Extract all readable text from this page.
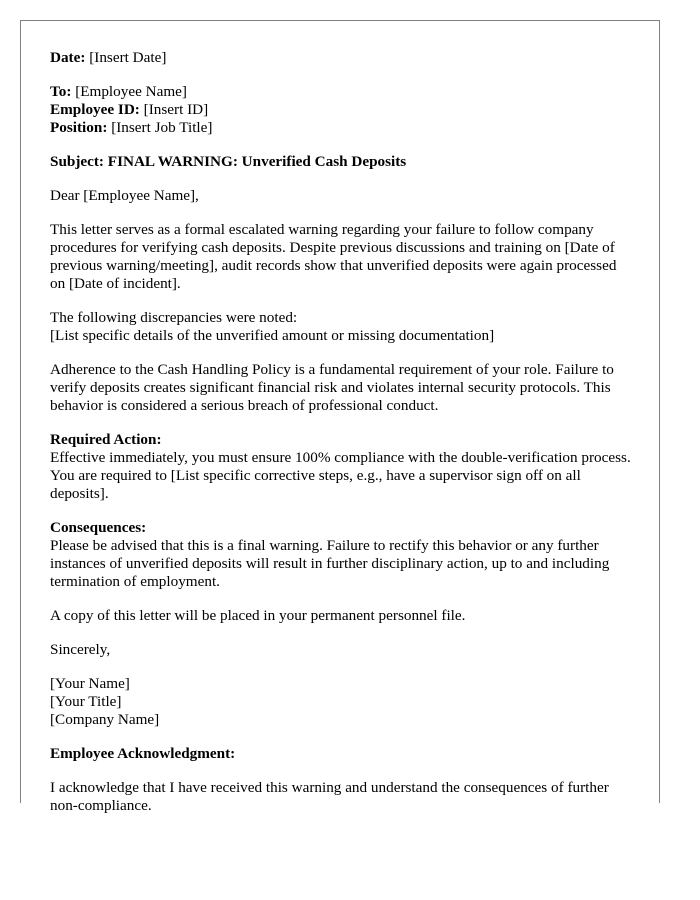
Date: [Insert Date]

To: [Employee Name]
Employee ID: [Insert ID]
Position: [Insert Job Title]

Subject: FINAL WARNING: Unverified Cash Deposits

Dear [Employee Name],

This letter serves as a formal escalated warning regarding your failure to follow company procedures for verifying cash deposits. Despite previous discussions and training on [Date of previous warning/meeting], audit records show that unverified deposits were again processed on [Date of incident].

The following discrepancies were noted:
[List specific details of the unverified amount or missing documentation]

Adherence to the Cash Handling Policy is a fundamental requirement of your role. Failure to verify deposits creates significant financial risk and violates internal security protocols. This behavior is considered a serious breach of professional conduct.

Required Action:
Effective immediately, you must ensure 100% compliance with the double-verification process. You are required to [List specific corrective steps, e.g., have a supervisor sign off on all deposits].

Consequences:
Please be advised that this is a final warning. Failure to rectify this behavior or any further instances of unverified deposits will result in further disciplinary action, up to and including termination of employment.

A copy of this letter will be placed in your permanent personnel file.

Sincerely,

[Your Name]
[Your Title]
[Company Name]

Employee Acknowledgment:

I acknowledge that I have received this warning and understand the consequences of further non-compliance.
